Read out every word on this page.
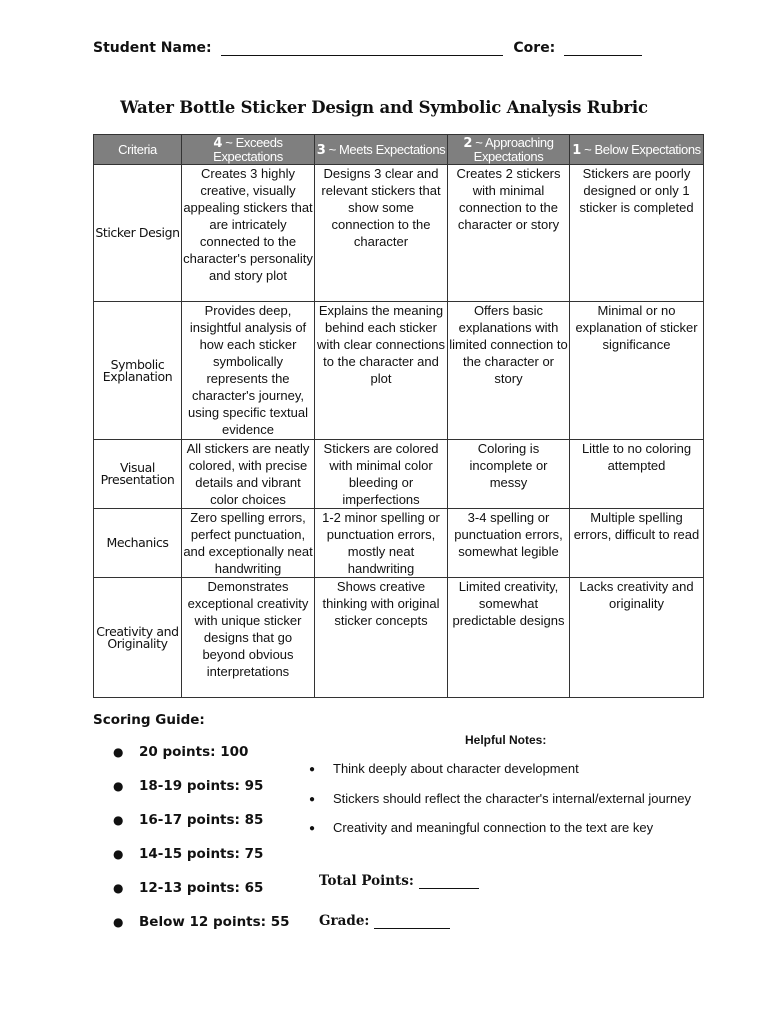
Student Name:	Core:
Water Bottle Sticker Design and Symbolic Analysis Rubric
Criteria	4 ~ Exceeds Expectations	3 ~ Meets Expectations	2 ~ Approaching Expectations	1 ~ Below Expectations
Sticker Design	Creates 3 highly creative, visually appealing stickers that are intricately connected to the character's personality and story plot	Designs 3 clear and relevant stickers that show some connection to the character	Creates 2 stickers with minimal connection to the character or story	Stickers are poorly designed or only 1 sticker is completed
Symbolic Explanation	Provides deep, insightful analysis of how each sticker symbolically represents the character's journey, using specific textual evidence	Explains the meaning behind each sticker with clear connections to the character and plot	Offers basic explanations with limited connection to the character or story	Minimal or no explanation of sticker significance
Visual Presentation	All stickers are neatly colored, with precise details and vibrant color choices	Stickers are colored with minimal color bleeding or imperfections	Coloring is incomplete or messy	Little to no coloring attempted
Mechanics	Zero spelling errors, perfect punctuation, and exceptionally neat handwriting	1-2 minor spelling or punctuation errors, mostly neat handwriting	3-4 spelling or punctuation errors, somewhat legible	Multiple spelling errors, difficult to read
Creativity and Originality	Demonstrates exceptional creativity with unique sticker designs that go beyond obvious interpretations	Shows creative thinking with original sticker concepts	Limited creativity, somewhat predictable designs	Lacks creativity and originality
Scoring Guide:
● 20 points: 100
● 18-19 points: 95
● 16-17 points: 85
● 14-15 points: 75
● 12-13 points: 65
● Below 12 points: 55
Helpful Notes:
● Think deeply about character development
● Stickers should reflect the character's internal/external journey
● Creativity and meaningful connection to the text are key
Total Points:
Grade:
